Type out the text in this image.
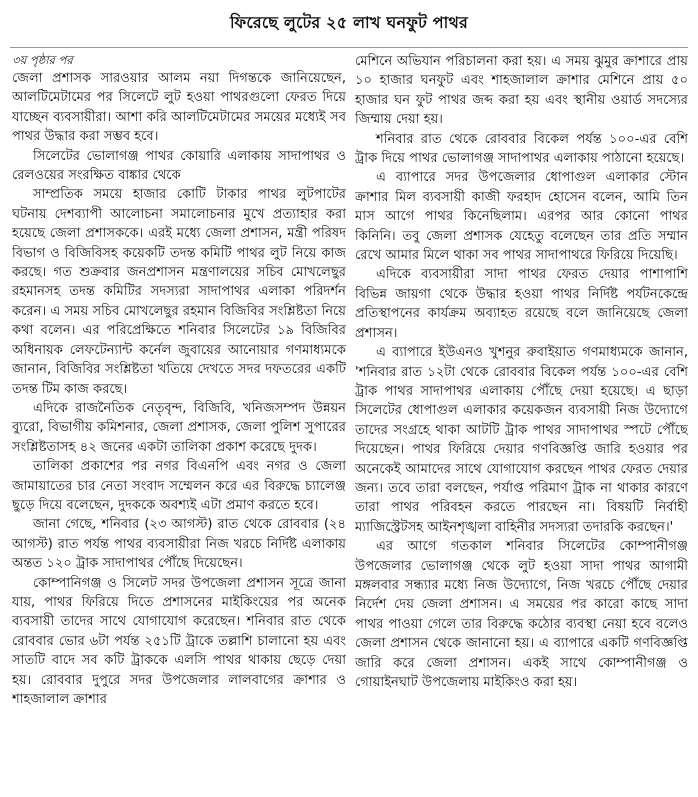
ফিরেছে লুটের ২৫ লাখ ঘনফুট পাথর
৩য় পৃষ্ঠার পর

জেলা প্রশাসক সারওয়ার আলম নয়া দিগন্তকে জানিয়েছেন, আলটিমেটামের পর সিলেটে লুট হওয়া পাথরগুলো ফেরত দিয়ে যাচ্ছেন ব্যবসায়ীরা। আশা করি আলটিমেটামের সময়ের মধ্যেই সব পাথর উদ্ধার করা সম্ভব হবে।

সিলেটের ভোলাগঞ্জ পাথর কোয়ারি এলাকায় সাদাপাথর ও রেলওয়ের সংরক্ষিত বাঙ্কার থেকে

সাম্প্রতিক সময়ে হাজার কোটি টাকার পাথর লুটপাটের ঘটনায় দেশব্যাপী আলোচনা সমালোচনার মুখে প্রত্যাহার করা হয়েছে জেলা প্রশাসককে। এরই মধ্যে জেলা প্রশাসন, মন্ত্রী পরিষদ বিভাগ ও বিজিবিসহ কয়েকটি তদন্ত কমিটি পাথর লুট নিয়ে কাজ করছে। গত শুক্রবার জনপ্রশাসন মন্ত্রণালয়ের সচিব মোখলেছুর রহমানসহ তদন্ত কমিটির সদস্যরা সাদাপাথর এলাকা পরিদর্শন করেন। এ সময় সচিব মোখলেছুর রহমান বিজিবির সংশ্লিষ্টতা নিয়ে কথা বলেন। এর পরিপ্রেক্ষিতে শনিবার সিলেটের ১৯ বিজিবির অধিনায়ক লেফটেন্যান্ট কর্নেল জুবায়ের আনোয়ার গণমাধ্যমকে জানান, বিজিবির সংশ্লিষ্টতা খতিয়ে দেখতে সদর দফতরের একটি তদন্ত টিম কাজ করছে।

এদিকে রাজনৈতিক নেতৃবৃন্দ, বিজিবি, খনিজসম্পদ উন্নয়ন ব্যুরো, বিভাগীয় কমিশনার, জেলা প্রশাসক, জেলা পুলিশ সুপারের সংশ্লিষ্টতাসহ ৪২ জনের একটা তালিকা প্রকাশ করেছে দুদক।

তালিকা প্রকাশের পর নগর বিএনপি এবং নগর ও জেলা জামায়াতের চার নেতা সংবাদ সম্মেলন করে এর বিরুদ্ধে চ্যালেঞ্জ ছুড়ে দিয়ে বলেছেন, দুদককে অবশ্যই এটা প্রমাণ করতে হবে।

জানা গেছে, শনিবার (২৩ আগস্ট) রাত থেকে রোববার (২৪ আগস্ট) রাত পর্যন্ত পাথর ব্যবসায়ীরা নিজ খরচে নির্দিষ্ট এলাকায় অন্তত ১২০ ট্রাক সাদাপাথর পৌঁছে দিয়েছেন।

কোম্পানিগঞ্জ ও সিলেট সদর উপজেলা প্রশাসন সূত্রে জানা যায়, পাথর ফিরিয়ে দিতে প্রশাসনের মাইকিংয়ের পর অনেক ব্যবসায়ী তাদের সাথে যোগাযোগ করেছেন। শনিবার রাত থেকে রোববার ভোর ৬টা পর্যন্ত ২৫১টি ট্রাকে তল্লাশি চালানো হয় এবং সাতটি বাদে সব কটি ট্রাককে এলসি পাথর থাকায় ছেড়ে দেয়া হয়। রোববার দুপুরে সদর উপজেলার লালবাগের ক্রাশার ও শাহজালাল ক্রাশার

মেশিনে অভিযান পরিচালনা করা হয়। এ সময় ঝুমুর ক্রাশারে প্রায় ১০ হাজার ঘনফুট এবং শাহজালাল ক্রাশার মেশিনে প্রায় ৫০ হাজার ঘন ফুট পাথর জব্দ করা হয় এবং স্থানীয় ওয়ার্ড সদস্যের জিম্মায় দেয়া হয়।

শনিবার রাত থেকে রোববার বিকেল পর্যন্ত ১০০-এর বেশি ট্রাক দিয়ে পাথর ভোলাগঞ্জ সাদাপাথর এলাকায় পাঠানো হয়েছে।

এ ব্যাপারে সদর উপজেলার ধোপাগুল এলাকার স্টোন ক্রাশার মিল ব্যবসায়ী কাজী ফরহাদ হোসেন বলেন, আমি তিন মাস আগে পাথর কিনেছিলাম। এরপর আর কোনো পাথর কিনিনি। তবু জেলা প্রশাসক যেহেতু বলেছেন তার প্রতি সম্মান রেখে আমার মিলে থাকা সব পাথর সাদাপাথরে ফিরিয়ে দিয়েছি।

এদিকে ব্যবসায়ীরা সাদা পাথর ফেরত দেয়ার পাশাপাশি বিভিন্ন জায়গা থেকে উদ্ধার হওয়া পাথর নির্দিষ্ট পর্যটনকেন্দ্রে প্রতিস্থাপনের কার্যক্রম অব্যাহত রয়েছে বলে জানিয়েছে জেলা প্রশাসন।

এ ব্যাপারে ইউএনও খুশনুর রুবাইয়াত গণমাধ্যমকে জানান, 'শনিবার রাত ১২টা থেকে রোববার বিকেল পর্যন্ত ১০০-এর বেশি ট্রাক পাথর সাদাপাথর এলাকায় পৌঁছে দেয়া হয়েছে। এ ছাড়া সিলেটের ধোপাগুল এলাকার কয়েকজন ব্যবসায়ী নিজ উদ্যোগে তাদের সংগ্রহে থাকা আটটি ট্রাক পাথর সাদাপাথর স্পটে পৌঁছে দিয়েছেন। পাথর ফিরিয়ে দেয়ার গণবিজ্ঞপ্তি জারি হওয়ার পর অনেকেই আমাদের সাথে যোগাযোগ করছেন পাথর ফেরত দেয়ার জন্য। তবে তারা বলছেন, পর্যাপ্ত পরিমাণ ট্রাক না থাকার কারণে তারা পাথর পরিবহন করতে পারছেন না। বিষয়টি নির্বাহী ম্যাজিস্ট্রেটসহ আইনশৃঙ্খলা বাহিনীর সদস্যরা তদারকি করছেন।'

এর আগে গতকাল শনিবার সিলেটের কোম্পানীগঞ্জ উপজেলার ভোলাগঞ্জ থেকে লুট হওয়া সাদা পাথর আগামী মঙ্গলবার সন্ধ্যার মধ্যে নিজ উদ্যোগে, নিজ খরচে পৌঁছে দেয়ার নির্দেশ দেয় জেলা প্রশাসন। এ সময়ের পর কারো কাছে সাদা পাথর পাওয়া গেলে তার বিরুদ্ধে কঠোর ব্যবস্থা নেয়া হবে বলেও জেলা প্রশাসন থেকে জানানো হয়। এ ব্যাপারে একটি গণবিজ্ঞপ্তি জারি করে জেলা প্রশাসন। একই সাথে কোম্পানীগঞ্জ ও গোয়াইনঘাট উপজেলায় মাইকিংও করা হয়।
